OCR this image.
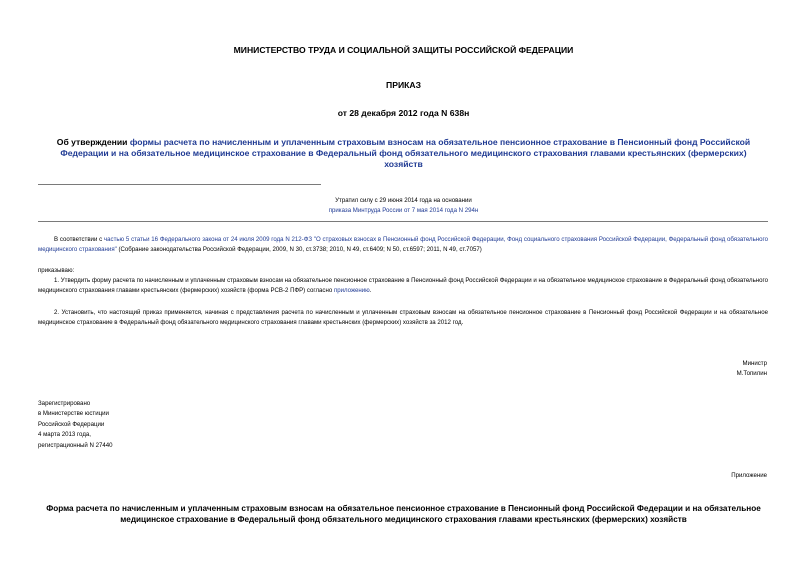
МИНИСТЕРСТВО ТРУДА И СОЦИАЛЬНОЙ ЗАЩИТЫ РОССИЙСКОЙ ФЕДЕРАЦИИ
ПРИКАЗ
от 28 декабря 2012 года N 638н
Об утверждении формы расчета по начисленным и уплаченным страховым взносам на обязательное пенсионное страхование в Пенсионный фонд Российской Федерации и на обязательное медицинское страхование в Федеральный фонд обязательного медицинского страхования главами крестьянских (фермерских) хозяйств
Утратил силу с 29 июня 2014 года на основании
приказа Минтруда России от 7 мая 2014 года N 294н
В соответствии с частью 5 статьи 16 Федерального закона от 24 июля 2009 года N 212-ФЗ "О страховых взносах в Пенсионный фонд Российской Федерации, Фонд социального страхования Российской Федерации, Федеральный фонд обязательного медицинского страхования" (Собрание законодательства Российской Федерации, 2009, N 30, ст.3738; 2010, N 49, ст.6409; N 50, ст.6597; 2011, N 49, ст.7057)
приказываю:
1. Утвердить форму расчета по начисленным и уплаченным страховым взносам на обязательное пенсионное страхование в Пенсионный фонд Российской Федерации и на обязательное медицинское страхование в Федеральный фонд обязательного медицинского страхования главами крестьянских (фермерских) хозяйств (форма РСВ-2 ПФР) согласно приложению.
2. Установить, что настоящий приказ применяется, начиная с представления расчета по начисленным и уплаченным страховым взносам на обязательное пенсионное страхование в Пенсионный фонд Российской Федерации и на обязательное медицинское страхование в Федеральный фонд обязательного медицинского страхования главами крестьянских (фермерских) хозяйств за 2012 год.
Министр
М.Топилин
Зарегистрировано
в Министерстве юстиции
Российской Федерации
4 марта 2013 года,
регистрационный N 27440
Приложение
Форма расчета по начисленным и уплаченным страховым взносам на обязательное пенсионное страхование в Пенсионный фонд Российской Федерации и на обязательное медицинское страхование в Федеральный фонд обязательного медицинского страхования главами крестьянских (фермерских) хозяйств
